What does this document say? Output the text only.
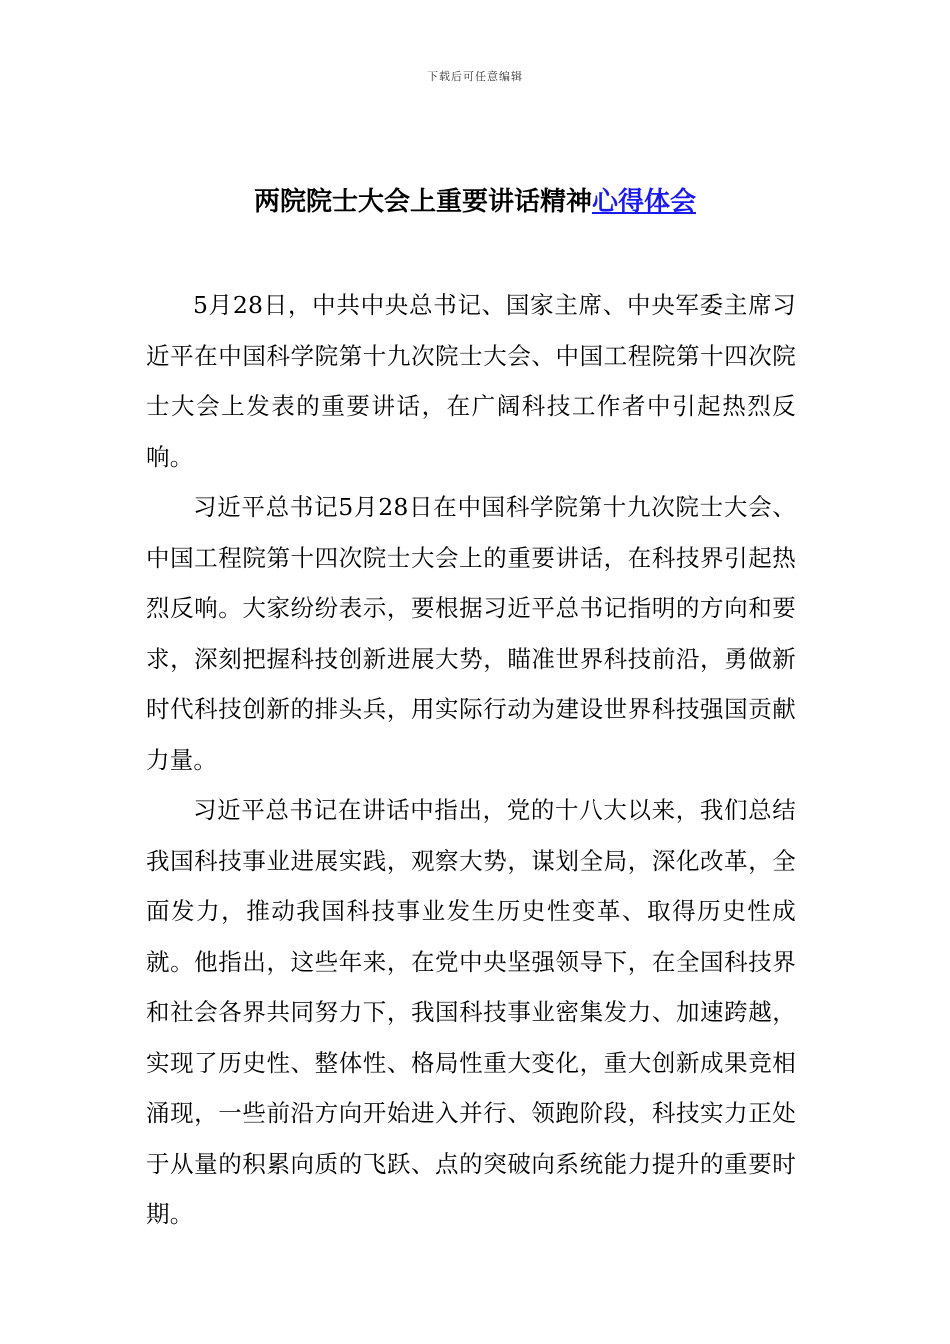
下载后可任意编辑
两院院士大会上重要讲话精神心得体会

5月28日，中共中央总书记、国家主席、中央军委主席习近平在中国科学院第十九次院士大会、中国工程院第十四次院士大会上发表的重要讲话，在广阔科技工作者中引起热烈反响。

习近平总书记5月28日在中国科学院第十九次院士大会、中国工程院第十四次院士大会上的重要讲话，在科技界引起热烈反响。大家纷纷表示，要根据习近平总书记指明的方向和要求，深刻把握科技创新进展大势，瞄准世界科技前沿，勇做新时代科技创新的排头兵，用实际行动为建设世界科技强国贡献力量。

习近平总书记在讲话中指出，党的十八大以来，我们总结我国科技事业进展实践，观察大势，谋划全局，深化改革，全面发力，推动我国科技事业发生历史性变革、取得历史性成就。他指出，这些年来，在党中央坚强领导下，在全国科技界和社会各界共同努力下，我国科技事业密集发力、加速跨越，实现了历史性、整体性、格局性重大变化，重大创新成果竞相涌现，一些前沿方向开始进入并行、领跑阶段，科技实力正处于从量的积累向质的飞跃、点的突破向系统能力提升的重要时期。
